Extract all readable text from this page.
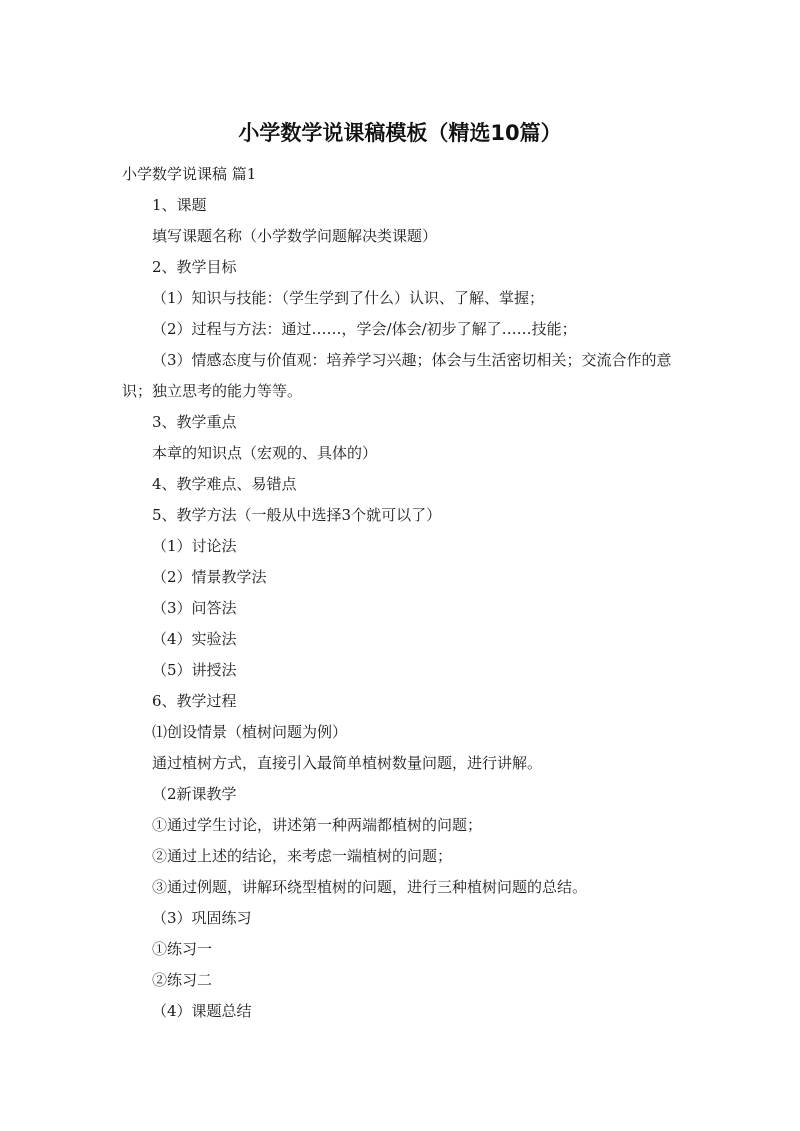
小学数学说课稿模板（精选10篇）

小学数学说课稿 篇1

1、课题

填写课题名称（小学数学问题解决类课题）

2、教学目标

（1）知识与技能：（学生学到了什么）认识、了解、掌握；

（2）过程与方法：通过……，学会/体会/初步了解了……技能；

（3）情感态度与价值观：培养学习兴趣；体会与生活密切相关；交流合作的意识；独立思考的能力等等。

3、教学重点

本章的知识点（宏观的、具体的）

4、教学难点、易错点

5、教学方法（一般从中选择3个就可以了）

（1）讨论法

（2）情景教学法

（3）问答法

（4）实验法

（5）讲授法

6、教学过程

⑴创设情景（植树问题为例）

通过植树方式，直接引入最简单植树数量问题，进行讲解。

（2新课教学

①通过学生讨论，讲述第一种两端都植树的问题；

②通过上述的结论，来考虑一端植树的问题；

③通过例题，讲解环绕型植树的问题，进行三种植树问题的总结。

（3）巩固练习

①练习一

②练习二

（4）课题总结
